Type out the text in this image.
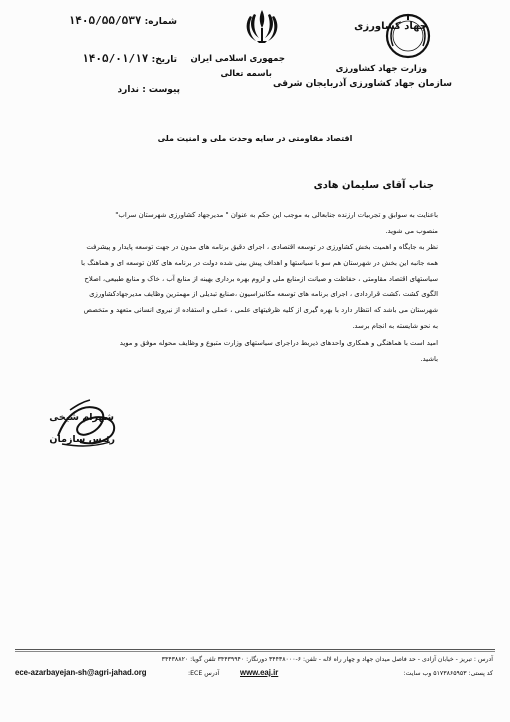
جمهوری اسلامی ایران
باسمه تعالی
جهاد کشاورزی
وزارت جهاد کشاورزی
سازمان جهاد کشاورزی آذربایجان شرقی
شماره: ۱۴۰۵/۵۵/۵۳۷
تاریخ: ۱۴۰۵/۰۱/۱۷
پیوست : ندارد
اقتصاد مقاومتی در سایه وحدت ملی و امنیت ملی
جناب آقای سلیمان هادی
باعنایت به سوابق و تجربیات ارزنده جنابعالی به موجب این حکم به عنوان " مدیرجهاد کشاورزی شهرستان سراب"
منصوب می شوید.
نظر به جایگاه و اهمیت بخش کشاورزی در توسعه اقتصادی ، اجرای دقیق برنامه های مدون در جهت توسعه پایدار و پیشرفت
همه جانبه این بخش در شهرستان هم سو با سیاستها و اهداف پیش بینی شده دولت در برنامه های کلان توسعه ای و هماهنگ با
سیاستهای اقتصاد مقاومتی ، حفاظت و صیانت ازمنابع ملی و لزوم بهره برداری بهینه از منابع آب ، خاک و منابع طبیعی، اصلاح
الگوی کشت ،کشت قراردادی ، اجرای برنامه های توسعه مکانیزاسیون ،صنایع تبدیلی از مهمترین وظایف مدیرجهادکشاورزی
شهرستان می باشد که انتظار دارد با بهره گیری از کلیه ظرفیتهای علمی ، عملی و استفاده از نیروی انسانی متعهد و متخصص
به نحو شایسته به انجام برسد.
امید است با هماهنگی و همکاری واحدهای ذیربط دراجرای سیاستهای وزارت متبوع و وظایف محوله موفق و موید
باشید.
شهرام شیخی
رئیس سازمان
آدرس : تبریز - خیابان آزادی - حد فاصل میدان جهاد و چهار راه لاله - تلفن: ۶-۳۴۴۳۸۰۰۰ دورنگار: ۳۴۴۳۹۹۴۰ تلفن گویا: ۳۴۴۳۸۸۲۰
کد پستی: ۵۱۷۳۸۶۵۹۵۳ وب سایت:
www.eaj.ir
آدرس ECE:
ece-azarbayejan-sh@agri-jahad.org
